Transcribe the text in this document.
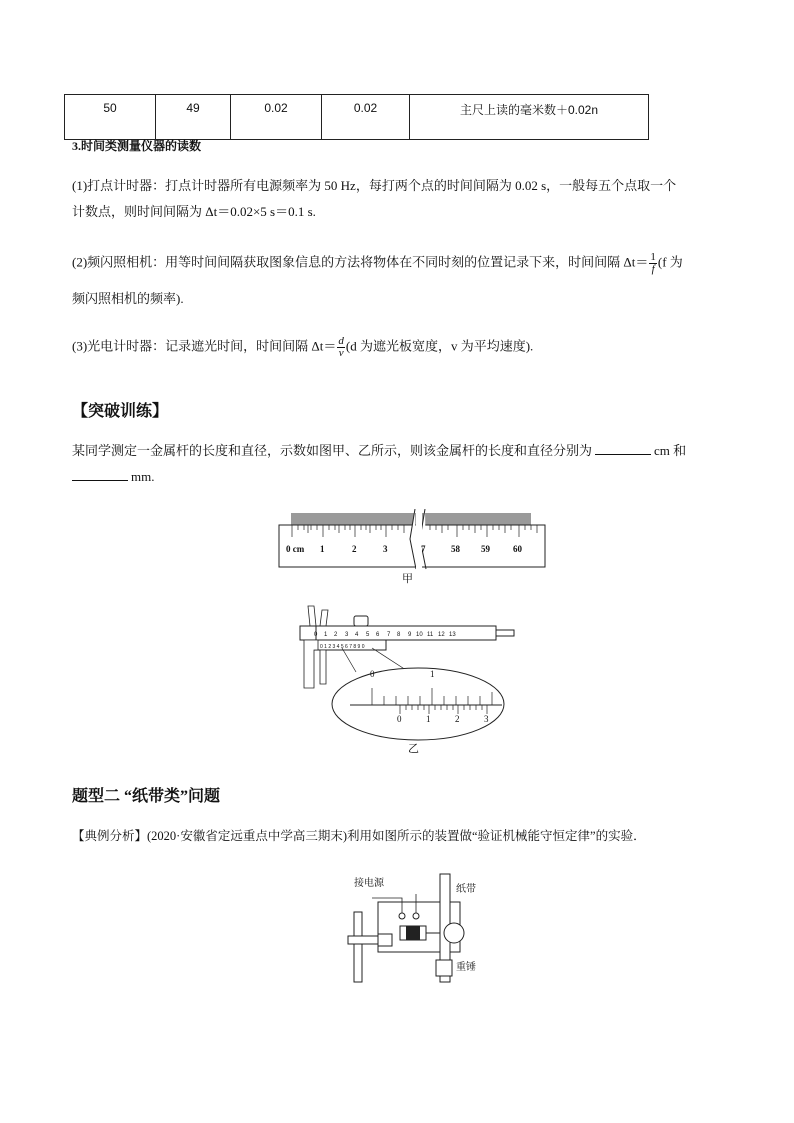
50	49	0.02	0.02	主尺上读的毫米数＋0.02n
3.时间类测量仪器的读数
(1)打点计时器：打点计时器所有电源频率为 50 Hz，每打两个点的时间间隔为 0.02 s，一般每五个点取一个
计数点，则时间间隔为 Δt＝0.02×5 s＝0.1 s.
(2)频闪照相机：用等时间间隔获取图象信息的方法将物体在不同时刻的位置记录下来，时间间隔 $\Delta t= \frac{1}{f} (f$ 为
频闪照相机的频率).
(3)光电计时器：记录遮光时间，时间间隔 $\Delta t= \frac{d}{v} (d$ 为遮光板宽度，v 为平均速度).
【突破训练】
某同学测定一金属杆的长度和直径，示数如图甲、乙所示，则该金属杆的长度和直径分别为	cm 和
mm.
0 cm 1	2	3	7	58 59	60
甲
0 1 2 3 4 5 6 7 8 9 10 11 12 13
0 1 2 3 4 5 6 7 8 9 0
0	1
0	1	2	3
乙
题型二 “纸带类”问题
【典例分析】(2020·安徽省定远重点中学高三期末)利用如图所示的装置做“验证机械能守恒定律”的实验．
接电源
纸带
重锤
